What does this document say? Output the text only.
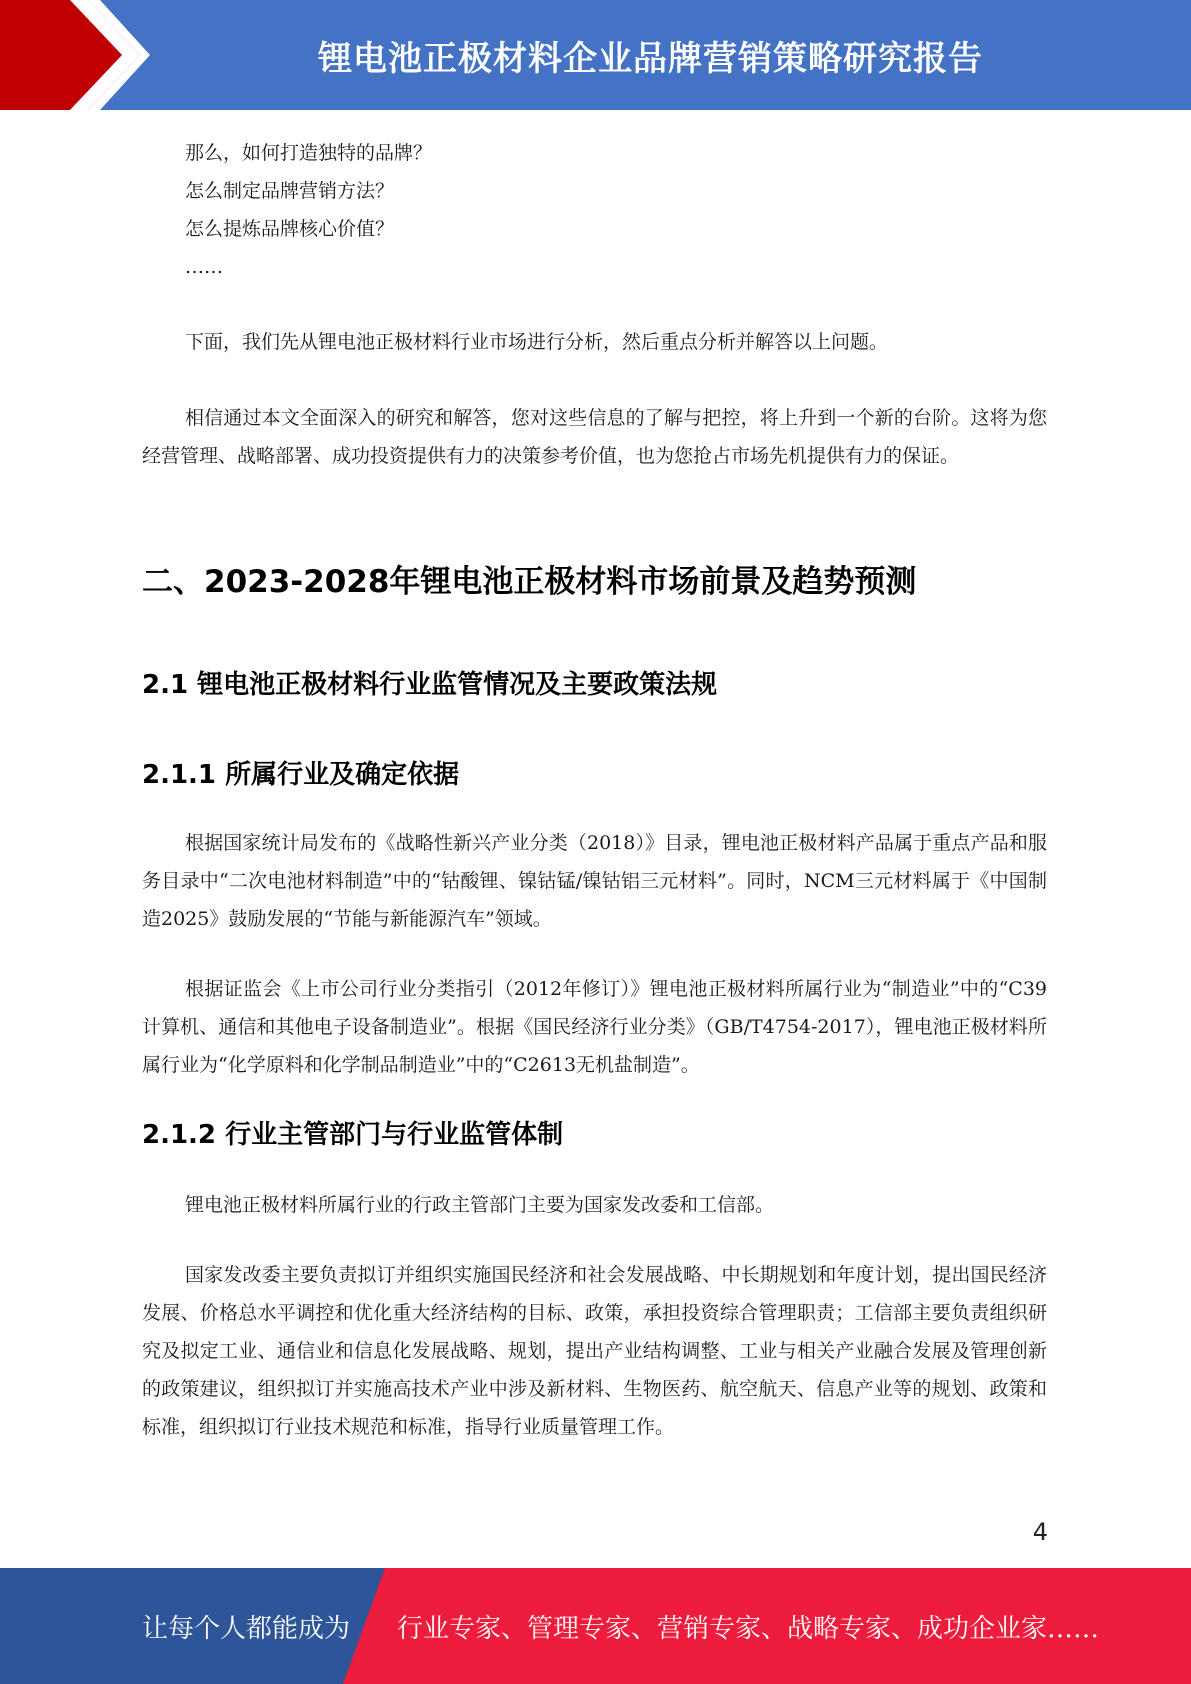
锂电池正极材料企业品牌营销策略研究报告
那么，如何打造独特的品牌？
怎么制定品牌营销方法？
怎么提炼品牌核心价值？
……
下面，我们先从锂电池正极材料行业市场进行分析，然后重点分析并解答以上问题。
相信通过本文全面深入的研究和解答，您对这些信息的了解与把控，将上升到一个新的台阶。这将为您经营管理、战略部署、成功投资提供有力的决策参考价值，也为您抢占市场先机提供有力的保证。
二、2023-2028年锂电池正极材料市场前景及趋势预测
2.1 锂电池正极材料行业监管情况及主要政策法规
2.1.1 所属行业及确定依据
根据国家统计局发布的《战略性新兴产业分类（2018）》目录，锂电池正极材料产品属于重点产品和服务目录中“二次电池材料制造”中的“钴酸锂、镍钴锰/镍钴铝三元材料”。同时，NCM三元材料属于《中国制造2025》鼓励发展的“节能与新能源汽车”领域。
根据证监会《上市公司行业分类指引（2012年修订）》锂电池正极材料所属行业为“制造业”中的“C39计算机、通信和其他电子设备制造业”。根据《国民经济行业分类》（GB/T4754-2017），锂电池正极材料所属行业为“化学原料和化学制品制造业”中的“C2613无机盐制造”。
2.1.2 行业主管部门与行业监管体制
锂电池正极材料所属行业的行政主管部门主要为国家发改委和工信部。
国家发改委主要负责拟订并组织实施国民经济和社会发展战略、中长期规划和年度计划，提出国民经济发展、价格总水平调控和优化重大经济结构的目标、政策，承担投资综合管理职责；工信部主要负责组织研究及拟定工业、通信业和信息化发展战略、规划，提出产业结构调整、工业与相关产业融合发展及管理创新的政策建议，组织拟订并实施高技术产业中涉及新材料、生物医药、航空航天、信息产业等的规划、政策和标准，组织拟订行业技术规范和标准，指导行业质量管理工作。
4
让每个人都能成为 行业专家、管理专家、营销专家、战略专家、成功企业家……
